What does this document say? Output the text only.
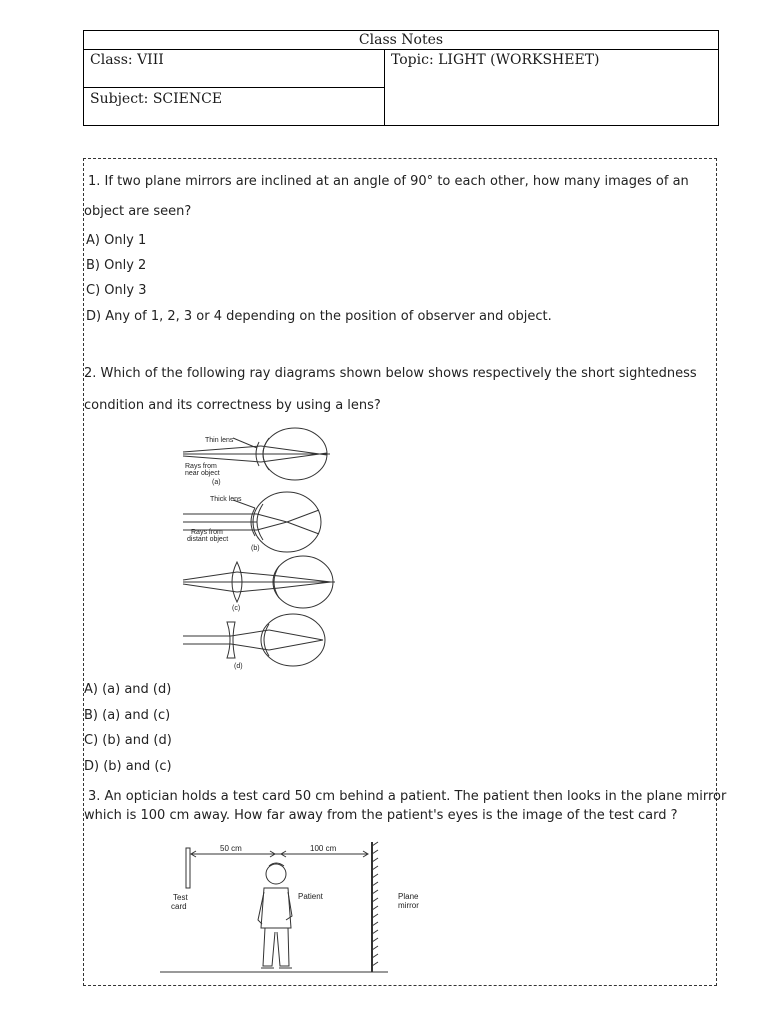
Class Notes
Class: VIII
Subject: SCIENCE
Topic: LIGHT (WORKSHEET)
1. If two plane mirrors are inclined at an angle of 90° to each other, how many images of an
object are seen?
A) Only 1
B) Only 2
C) Only 3
D) Any of 1, 2, 3 or 4 depending on the position of observer and object.
2. Which of the following ray diagrams shown below shows respectively the short sightedness
condition and its correctness by using a lens?
Thin lens
Rays from
near object
(a)
Thick lens
Rays from
distant object
(b)
(c)
(d)
A) (a) and (d)
B) (a) and (c)
C) (b) and (d)
D) (b) and (c)
3. An optician holds a test card 50 cm behind a patient. The patient then looks in the plane mirror
which is 100 cm away. How far away from the patient's eyes is the image of the test card ?
50 cm	100 cm
Test
card
Patient	Plane
mirror
